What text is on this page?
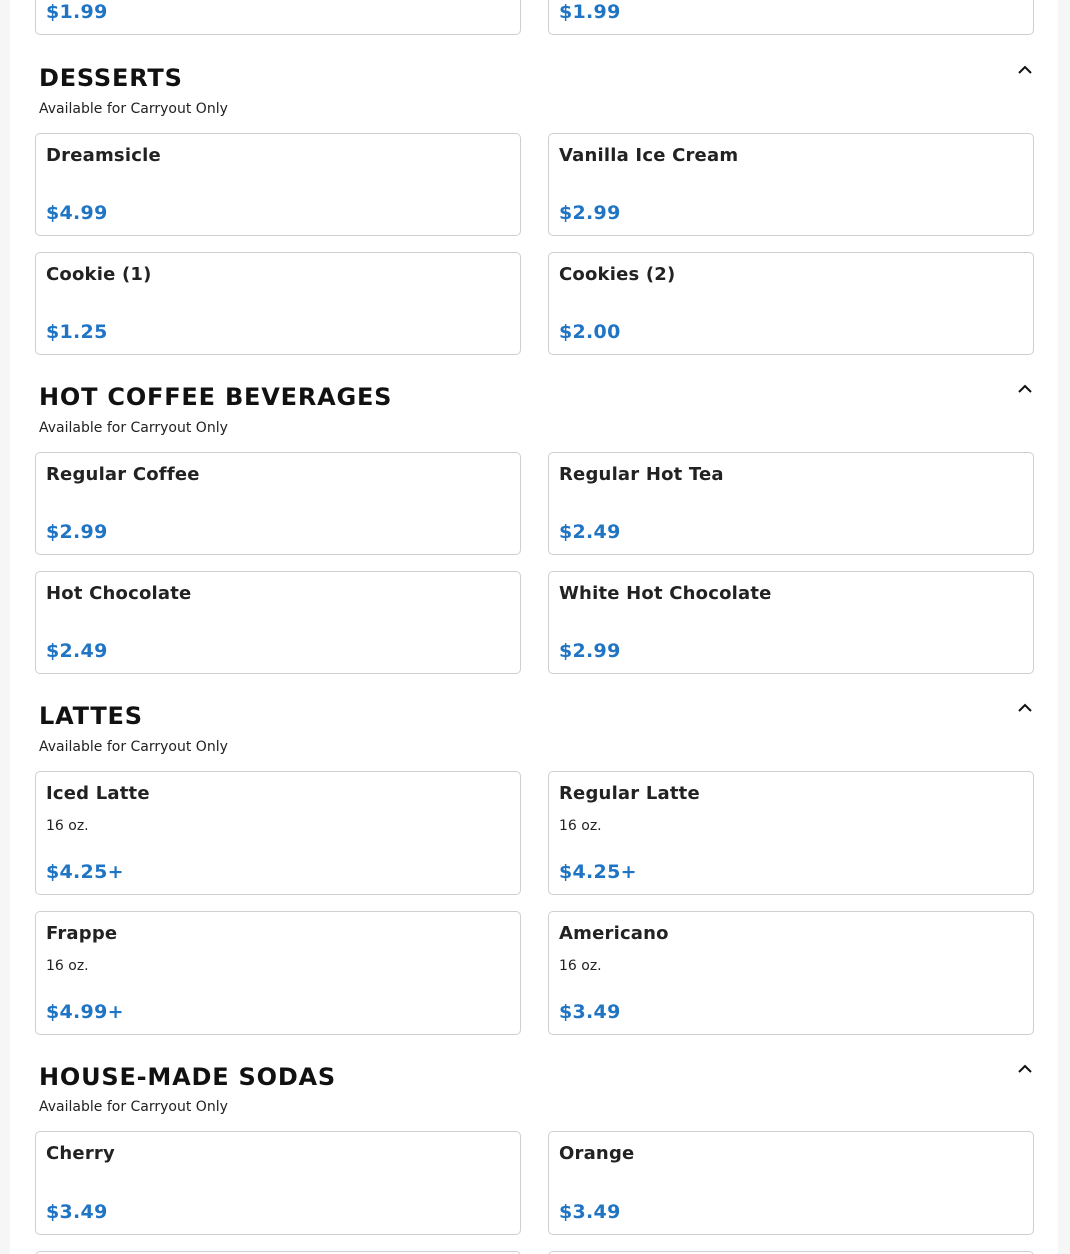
$1.99	$1.99
DESSERTS
Available for Carryout Only
Dreamsicle
$4.99
Vanilla Ice Cream
$2.99
Cookie (1)
$1.25
Cookies (2)
$2.00
HOT COFFEE BEVERAGES
Available for Carryout Only
Regular Coffee
$2.99
Regular Hot Tea
$2.49
Hot Chocolate
$2.49
White Hot Chocolate
$2.99
LATTES
Available for Carryout Only
Iced Latte
16 oz.
$4.25+
Regular Latte
16 oz.
$4.25+
Frappe
16 oz.
$4.99+
Americano
16 oz.
$3.49
HOUSE-MADE SODAS
Available for Carryout Only
Cherry
$3.49
Orange
$3.49
